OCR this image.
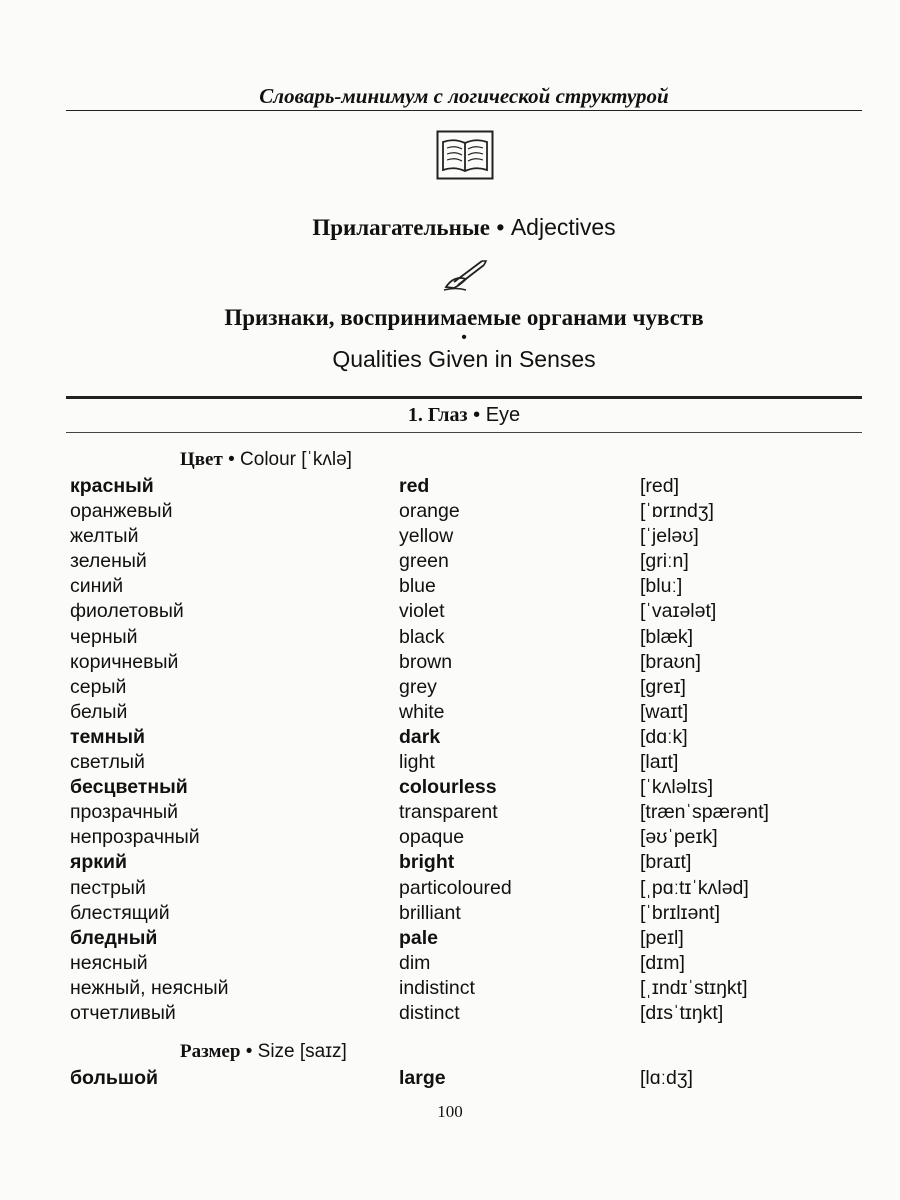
Словарь-минимум с логической структурой
Прилагательные • Adjectives
Признаки, воспринимаемые органами чувств
•
Qualities Given in Senses
1. Глаз • Eye
Цвет • Colour [ˈkʌlə]
красный	red	[red]
оранжевый	orange	[ˈɒrɪndʒ]
желтый	yellow	[ˈjeləʊ]
зеленый	green	[griːn]
синий	blue	[bluː]
фиолетовый	violet	[ˈvaɪələt]
черный	black	[blæk]
коричневый	brown	[braʊn]
серый	grey	[greɪ]
белый	white	[waɪt]
темный	dark	[dɑːk]
светлый	light	[laɪt]
бесцветный	colourless	[ˈkʌləlɪs]
прозрачный	transparent	[trænˈspærənt]
непрозрачный	opaque	[əʊˈpeɪk]
яркий	bright	[braɪt]
пестрый	particoloured	[ˌpɑːtɪˈkʌləd]
блестящий	brilliant	[ˈbrɪlɪənt]
бледный	pale	[peɪl]
неясный	dim	[dɪm]
нежный, неясный	indistinct	[ˌɪndɪˈstɪŋkt]
отчетливый	distinct	[dɪsˈtɪŋkt]
Размер • Size [saɪz]
большой	large	[lɑːdʒ]
100
